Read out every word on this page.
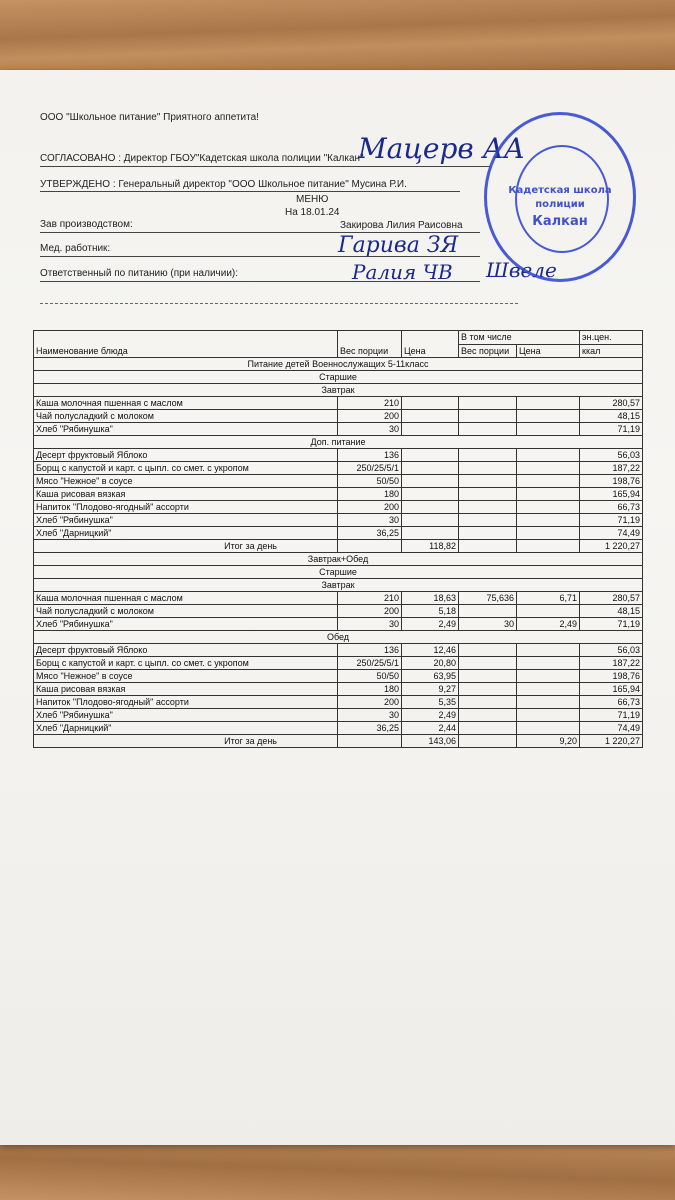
ООО "Школьное питание" Приятного аппетита!
СОГЛАСОВАНО : Директор ГБОУ"Кадетская школа полиции "Калкан"
УТВЕРЖДЕНО : Генеральный директор "ООО Школьное питание" Мусина Р.И.
МЕНЮ
На 18.01.24
Зав производством:	Закирова Лилия Раисовна
Мед. работник:
Ответственный по питанию (при наличии):
Мацерв АА
Гарива ЗЯ
Ралия ЧВ Швеле
Кадетская школа
полиции
Калкан
Наименование блюда	Вес порции	Цена	В том числе		эн.цен.
			Вес порции	Цена	ккал
Питание детей Военнослужащих 5-11класс					
Старшие					
Завтрак					
Каша молочная пшенная с маслом	210				280,57
Чай полусладкий с молоком	200				48,15
Хлеб "Рябинушка"	30				71,19
Доп. питание					
Десерт фруктовый Яблоко	136				56,03
Борщ с капустой и карт. с цыпл. со смет. с укропом	250/25/5/1				187,22
Мясо "Нежное" в соусе	50/50				198,76
Каша рисовая вязкая	180				165,94
Напиток "Плодово-ягодный" ассорти	200				66,73
Хлеб "Рябинушка"	30				71,19
Хлеб "Дарницкий"	36,25				74,49
Итог за день		118,82			1 220,27
Завтрак+Обед					
Старшие					
Завтрак					
Каша молочная пшенная с маслом	210	18,63	75,636	6,71	280,57
Чай полусладкий с молоком	200	5,18			48,15
Хлеб "Рябинушка"	30	2,49	30	2,49	71,19
Обед					
Десерт фруктовый Яблоко	136	12,46			56,03
Борщ с капустой и карт. с цыпл. со смет. с укропом	250/25/5/1	20,80			187,22
Мясо "Нежное" в соусе	50/50	63,95			198,76
Каша рисовая вязкая	180	9,27			165,94
Напиток "Плодово-ягодный" ассорти	200	5,35			66,73
Хлеб "Рябинушка"	30	2,49			71,19
Хлеб "Дарницкий"	36,25	2,44			74,49
Итог за день		143,06		9,20	1 220,27
